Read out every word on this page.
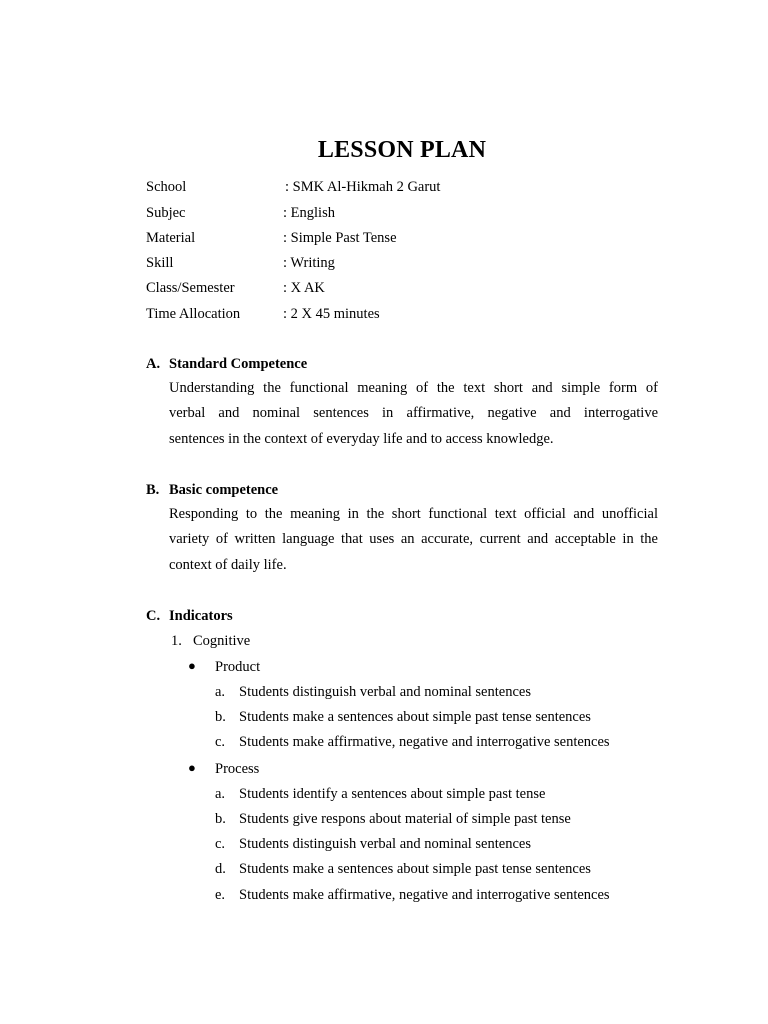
LESSON PLAN
School	: SMK Al-Hikmah 2 Garut
Subjec	: English
Material	: Simple Past Tense
Skill	: Writing
Class/Semester	: X AK
Time Allocation	: 2 X 45 minutes
A. Standard Competence
Understanding the functional meaning of the text short and simple form of
verbal and nominal sentences in affirmative, negative and interrogative
sentences in the context of everyday life and to access knowledge.
B. Basic competence
Responding to the meaning in the short functional text official and unofficial
variety of written language that uses an accurate, current and acceptable in the
context of daily life.
C. Indicators
1. Cognitive
● Product
a. Students distinguish verbal and nominal sentences
b. Students make a sentences about simple past tense sentences
c. Students make affirmative, negative and interrogative sentences
● Process
a. Students identify a sentences about simple past tense
b. Students give respons about material of simple past tense
c. Students distinguish verbal and nominal sentences
d. Students make a sentences about simple past tense sentences
e. Students make affirmative, negative and interrogative sentences
